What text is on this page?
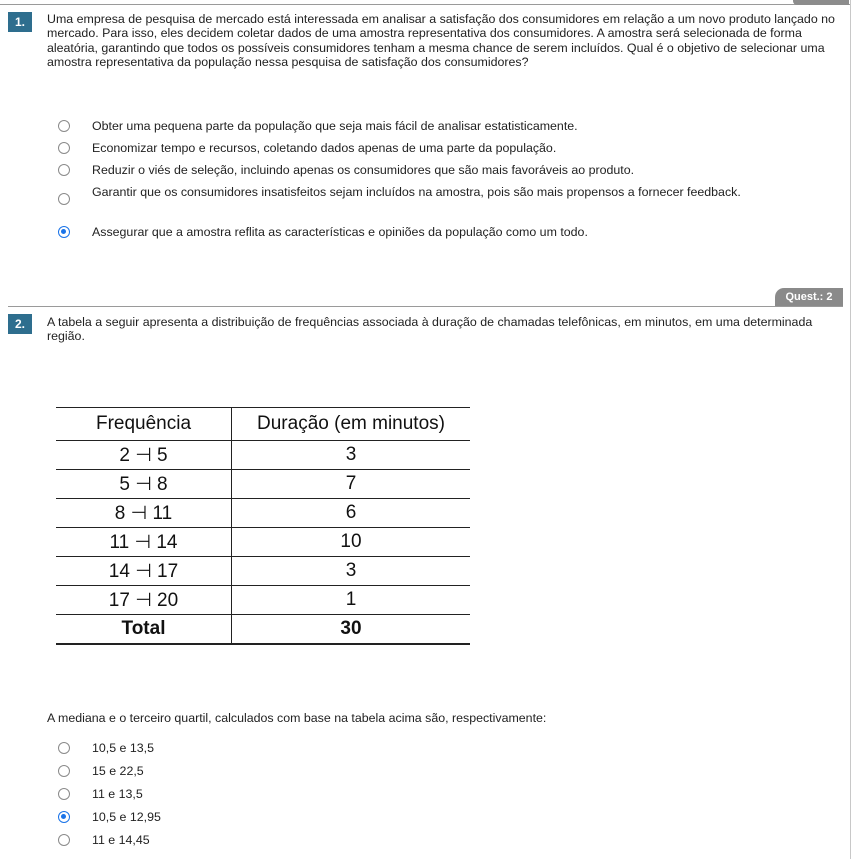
1.	Uma empresa de pesquisa de mercado está interessada em analisar a satisfação dos consumidores em relação a um novo produto lançado no mercado. Para isso, eles decidem coletar dados de uma amostra representativa dos consumidores. A amostra será selecionada de forma aleatória, garantindo que todos os possíveis consumidores tenham a mesma chance de serem incluídos. Qual é o objetivo de selecionar uma amostra representativa da população nessa pesquisa de satisfação dos consumidores?
Obter uma pequena parte da população que seja mais fácil de analisar estatisticamente.
Economizar tempo e recursos, coletando dados apenas de uma parte da população.
Reduzir o viés de seleção, incluindo apenas os consumidores que são mais favoráveis ao produto.
Garantir que os consumidores insatisfeitos sejam incluídos na amostra, pois são mais propensos a fornecer feedback.
Assegurar que a amostra reflita as características e opiniões da população como um todo.
Quest.: 2
2.	A tabela a seguir apresenta a distribuição de frequências associada à duração de chamadas telefônicas, em minutos, em uma determinada região.
Frequência	Duração (em minutos)
2 ⊣ 5	3
5 ⊣ 8	7
8 ⊣ 11	6
11 ⊣ 14	10
14 ⊣ 17	3
17 ⊣ 20	1
Total	30
A mediana e o terceiro quartil, calculados com base na tabela acima são, respectivamente:
10,5 e 13,5
15 e 22,5
11 e 13,5
10,5 e 12,95
11 e 14,45
